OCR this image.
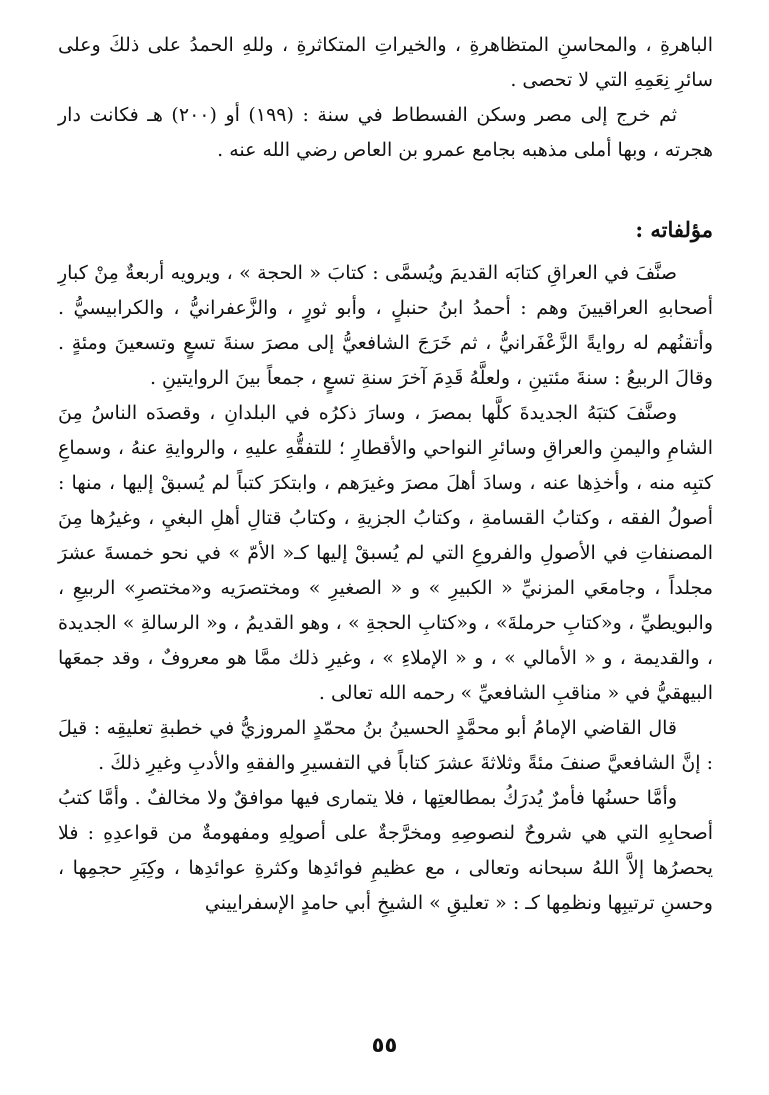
الباهرةِ ، والمحاسنِ المتظاهرةِ ، والخيراتِ المتكاثرةِ ، وللهِ الحمدُ على ذلكَ وعلى سائرِ نِعَمِهِ التي لا تحصى .

ثم خرج إلى مصر وسكن الفسطاط في سنة : (١٩٩) أو (٢٠٠) هـ فكانت دار هجرته ، وبها أملى مذهبه بجامع عمرو بن العاص رضي الله عنه .

مؤلفاته :

صنَّفَ في العراقِ كتابَه القديمَ ويُسمَّى : كتابَ « الحجة » ، ويرويه أربعةٌ مِنْ كبارِ أصحابهِ العراقيينَ وهم : أحمدُ ابنُ حنبلٍ ، وأبو ثورٍ ، والزَّعفرانيُّ ، والكرابيسيُّ . وأتقنُهم له روايةً الزَّعْفَرانيُّ ، ثم خَرَجَ الشافعيُّ إلى مصرَ سنةَ تسعٍ وتسعينَ ومئةٍ . وقالَ الربيعُ : سنةَ مئتينِ ، ولعلَّهُ قَدِمَ آخرَ سنةِ تسعٍ ، جمعاً بينَ الروايتينِ .

وصنَّفَ كتبَهُ الجديدةَ كلَّها بمصرَ ، وسارَ ذكرُه في البلدانِ ، وقصدَه الناسُ مِنَ الشامِ واليمنِ والعراقِ وسائرِ النواحي والأقطارِ ؛ للتفقُّهِ عليهِ ، والروايةِ عنهُ ، وسماعِ كتبِه منه ، وأخذِها عنه ، وسادَ أهلَ مصرَ وغيرَهم ، وابتكرَ كتباً لم يُسبقْ إليها ، منها : أصولُ الفقه ، وكتابُ القسامةِ ، وكتابُ الجزيةِ ، وكتابُ قتالِ أهلِ البغيِ ، وغيرُها مِنَ المصنفاتِ في الأصولِ والفروعِ التي لم يُسبقْ إليها كـ« الأمّ » في نحو خمسةَ عشرَ مجلداً ، وجامعَي المزنيِّ « الكبيرِ » و « الصغيرِ » ومختصرَيه و«مختصرِ» الربيعِ ، والبويطيِّ ، و«كتابِ حرملةَ» ، و«كتابِ الحجةِ » ، وهو القديمُ ، و« الرسالةِ » الجديدة ، والقديمة ، و « الأمالي » ، و « الإملاءِ » ، وغيرِ ذلك ممَّا هو معروفٌ ، وقد جمعَها البيهقيُّ في « مناقبِ الشافعيِّ » رحمه الله تعالى .

قال القاضي الإمامُ أبو محمَّدٍ الحسينُ بنُ محمّدٍ المروزيُّ في خطبةِ تعليقِه : قيلَ : إنَّ الشافعيَّ صنفَ مئةً وثلاثةَ عشرَ كتاباً في التفسيرِ والفقهِ والأدبِ وغيرِ ذلكَ .

وأمَّا حسنُها فأمرٌ يُدرَكُ بمطالعتِها ، فلا يتمارى فيها موافقٌ ولا مخالفٌ . وأمَّا كتبُ أصحابِهِ التي هي شروحٌ لنصوصِهِ ومخرَّجةٌ على أصولِهِ ومفهومةٌ من قواعدِهِ : فلا يحصرُها إلاَّ اللهُ سبحانه وتعالى ، مع عظيمِ فوائدِها وكثرةِ عوائدِها ، وكِبَرِ حجمِها ، وحسنِ ترتيبِها ونظمِها كـ : « تعليقِ » الشيخِ أبي حامدٍ الإسفراييني

٥٥
